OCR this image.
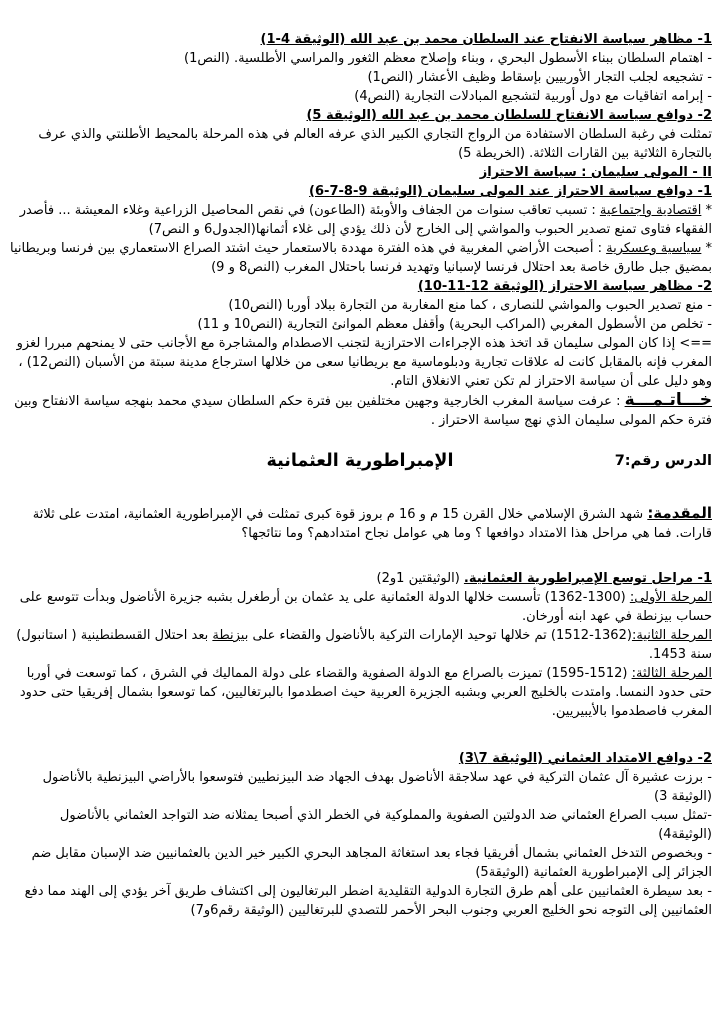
1- مظاهر سياسة الانفتاح عند السلطان محمد بن عبد الله (الوثيقة 4-1)

- اهتمام السلطان ببناء الأسطول البحري ، وبناء وإصلاح معظم الثغور والمراسي الأطلسية. (النص1)

- تشجيعه لجلب التجار الأوربيين بإسقاط وظيف الأعشار (النص1)

- إبرامه اتفاقيات مع دول أوربية لتشجيع المبادلات التجارية (النص4)

2- دوافع سياسة الانفتاح للسلطان محمد بن عبد الله (الوثيقة 5)

تمثلت في رغبة السلطان الاستفادة من الرواج التجاري الكبير الذي عرفه العالم في هذه المرحلة بالمحيط الأطلنتي والذي عرف بالتجارة الثلاثية بين القارات الثلاثة. (الخريطة 5)

II - المولى سليمان : سياسة الاحتراز

1- دوافع سياسة الاحتراز عند المولى سليمان (الوثيقة 9-8-7-6)

* اقتصادية واجتماعية : تسبب تعاقب سنوات من الجفاف والأوبئة (الطاعون) في نقص المحاصيل الزراعية وغلاء المعيشة ... فأصدر الفقهاء فتاوى تمنع تصدير الحبوب والمواشي إلى الخارج لأن ذلك يؤدي إلى غلاء أثمانها(الجدول6 و النص7)

* سياسية وعسكرية : أصبحت الأراضي المغربية في هذه الفترة مهددة بالاستعمار حيث اشتد الصراع الاستعماري بين فرنسا وبريطانيا بمضيق جبل طارق خاصة بعد احتلال فرنسا لإسبانيا وتهديد فرنسا باحتلال المغرب (النص8 و 9)

2- مظاهر سياسة الاحتراز (الوثيقة 12-11-10)

- منع تصدير الحبوب والمواشي للنصارى ، كما منع المغاربة من التجارة ببلاد أوربا (النص10)

- تخلص من الأسطول المغربي (المراكب البحرية) وأقفل معظم الموانئ التجارية (النص10 و 11)

==> إذا كان المولى سليمان قد اتخذ هذه الإجراءات الاحترازية لتجنب الاصطدام والمشاجرة مع الأجانب حتى لا يمنحهم مبررا لغزو المغرب فإنه بالمقابل كانت له علاقات تجارية ودبلوماسية مع بريطانيا سعى من خلالها استرجاع مدينة سبتة من الأسبان (النص12) ، وهو دليل على أن سياسة الاحتراز لم تكن تعني الانغلاق التام.

خـــاتـمـــة : عرفت سياسة المغرب الخارجية وجهين مختلفين بين فترة حكم السلطان سيدي محمد بنهجه سياسة الانفتاح وبين فترة حكم المولى سليمان الذي نهج سياسة الاحتراز .

الدرس رقم:7
الإمبراطورية العثمانية

المقدمة: شهد الشرق الإسلامي خلال القرن 15 م و 16 م بروز قوة كبرى تمثلت في الإمبراطورية العثمانية، امتدت على ثلاثة قارات. فما هي مراحل هذا الامتداد دوافعها ؟ وما هي عوامل نجاح امتدادهم؟ وما نتائجها؟

1- مراحل توسع الإمبراطورية العثمانية. (الوثيقتين 1و2)

المرحلة الأولى: (1300-1362) تأسست خلالها الدولة العثمانية على يد عثمان بن أرطغرل بشبه جزيرة الأناضول وبدأت تتوسع على حساب بيزنطة في عهد ابنه أورخان.

المرحلة الثانية:(1362-1512) تم خلالها توحيد الإمارات التركية بالأناضول والقضاء على بيزنطة بعد احتلال القسطنطينية ( استانبول) سنة 1453.

المرحلة الثالثة: (1512-1595) تميزت بالصراع مع الدولة الصفوية والقضاء على دولة المماليك في الشرق ، كما توسعت في أوربا حتى حدود النمسا. وامتدت بالخليج العربي وبشبه الجزيرة العربية حيث اصطدموا بالبرتغاليين، كما توسعوا بشمال إفريقيا حتى حدود المغرب فاصطدموا بالأيبيريين.

2- دوافع الامتداد العثماني (الوثيقة 7\3)

- برزت عشيرة آل عثمان التركية في عهد سلاجقة الأناضول بهدف الجهاد ضد البيزنطيين فتوسعوا بالأراضي البيزنطية بالأناضول (الوثيقة 3)

-تمثل سبب الصراع العثماني ضد الدولتين الصفوية والمملوكية في الخطر الذي أصبحا يمثلانه ضد التواجد العثماني بالأناضول (الوثيقة4)

- وبخصوص التدخل العثماني بشمال أفريقيا فجاء بعد استغاثة المجاهد البحري الكبير خير الدين بالعثمانيين ضد الإسبان مقابل ضم الجزائر إلى الإمبراطورية العثمانية (الوثيقة5)

- بعد سيطرة العثمانيين على أهم طرق التجارة الدولية التقليدية اضطر البرتغاليون إلى اكتشاف طريق آخر يؤدي إلى الهند مما دفع العثمانيين إلى التوجه نحو الخليج العربي وجنوب البحر الأحمر للتصدي للبرتغاليين (الوثيقة رقم6و7)
